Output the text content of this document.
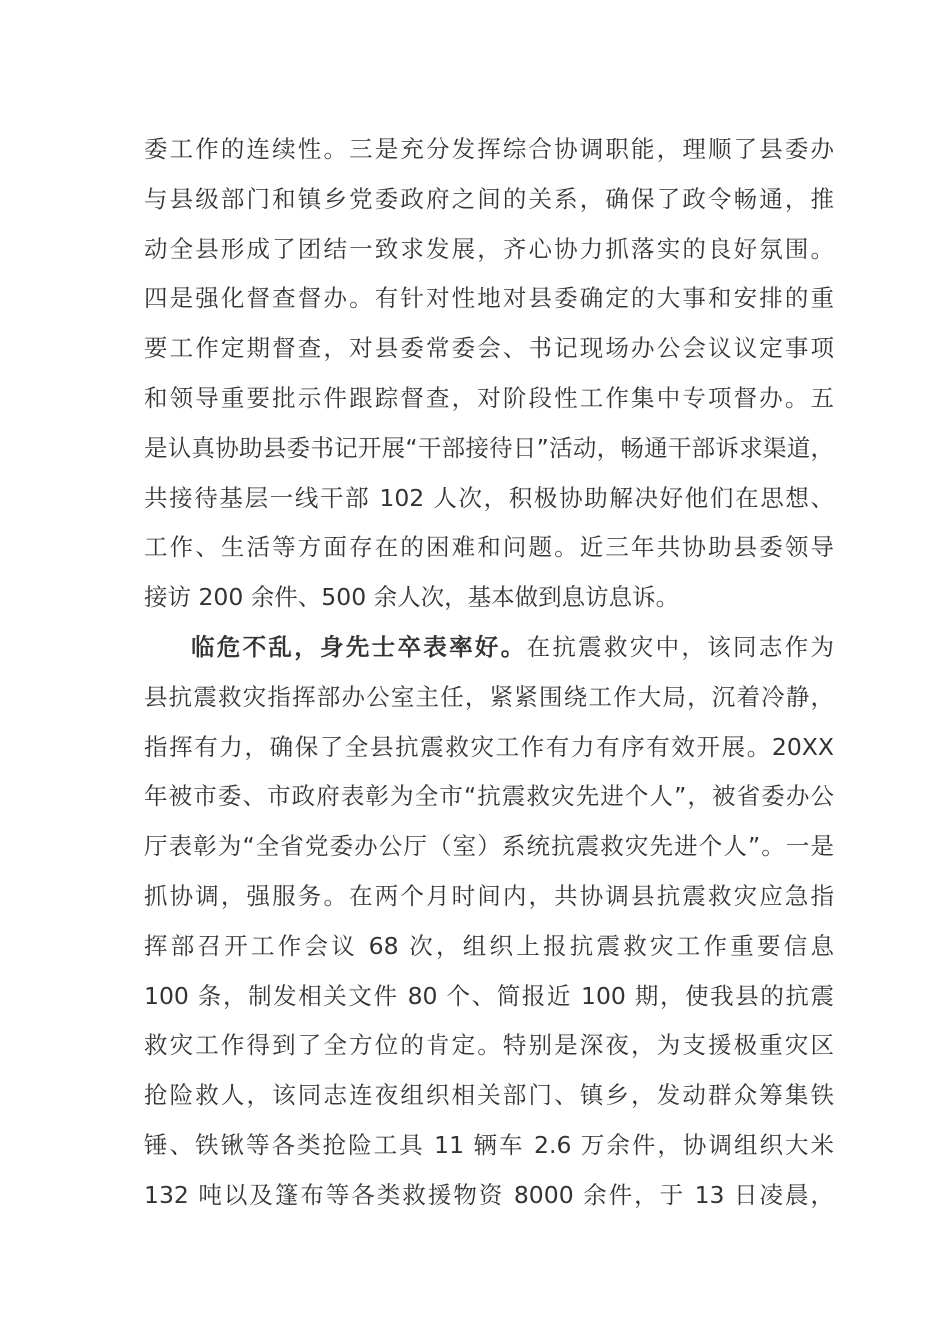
委工作的连续性。三是充分发挥综合协调职能，理顺了县委办
与县级部门和镇乡党委政府之间的关系，确保了政令畅通，推
动全县形成了团结一致求发展，齐心协力抓落实的良好氛围。
四是强化督查督办。有针对性地对县委确定的大事和安排的重
要工作定期督查，对县委常委会、书记现场办公会议议定事项
和领导重要批示件跟踪督查，对阶段性工作集中专项督办。五
是认真协助县委书记开展“干部接待日”活动，畅通干部诉求渠道，
共接待基层一线干部 102 人次，积极协助解决好他们在思想、
工作、生活等方面存在的困难和问题。近三年共协助县委领导
接访 200 余件、500 余人次，基本做到息访息诉。
临危不乱，身先士卒表率好。在抗震救灾中，该同志作为
县抗震救灾指挥部办公室主任，紧紧围绕工作大局，沉着冷静，
指挥有力，确保了全县抗震救灾工作有力有序有效开展。20XX
年被市委、市政府表彰为全市“抗震救灾先进个人”，被省委办公
厅表彰为“全省党委办公厅（室）系统抗震救灾先进个人”。一是
抓协调，强服务。在两个月时间内，共协调县抗震救灾应急指
挥部召开工作会议 68 次，组织上报抗震救灾工作重要信息
100 条，制发相关文件 80 个、简报近 100 期，使我县的抗震
救灾工作得到了全方位的肯定。特别是深夜，为支援极重灾区
抢险救人，该同志连夜组织相关部门、镇乡，发动群众筹集铁
锤、铁锹等各类抢险工具 11 辆车 2.6 万余件，协调组织大米
132 吨以及篷布等各类救援物资 8000 余件，于 13 日凌晨，
